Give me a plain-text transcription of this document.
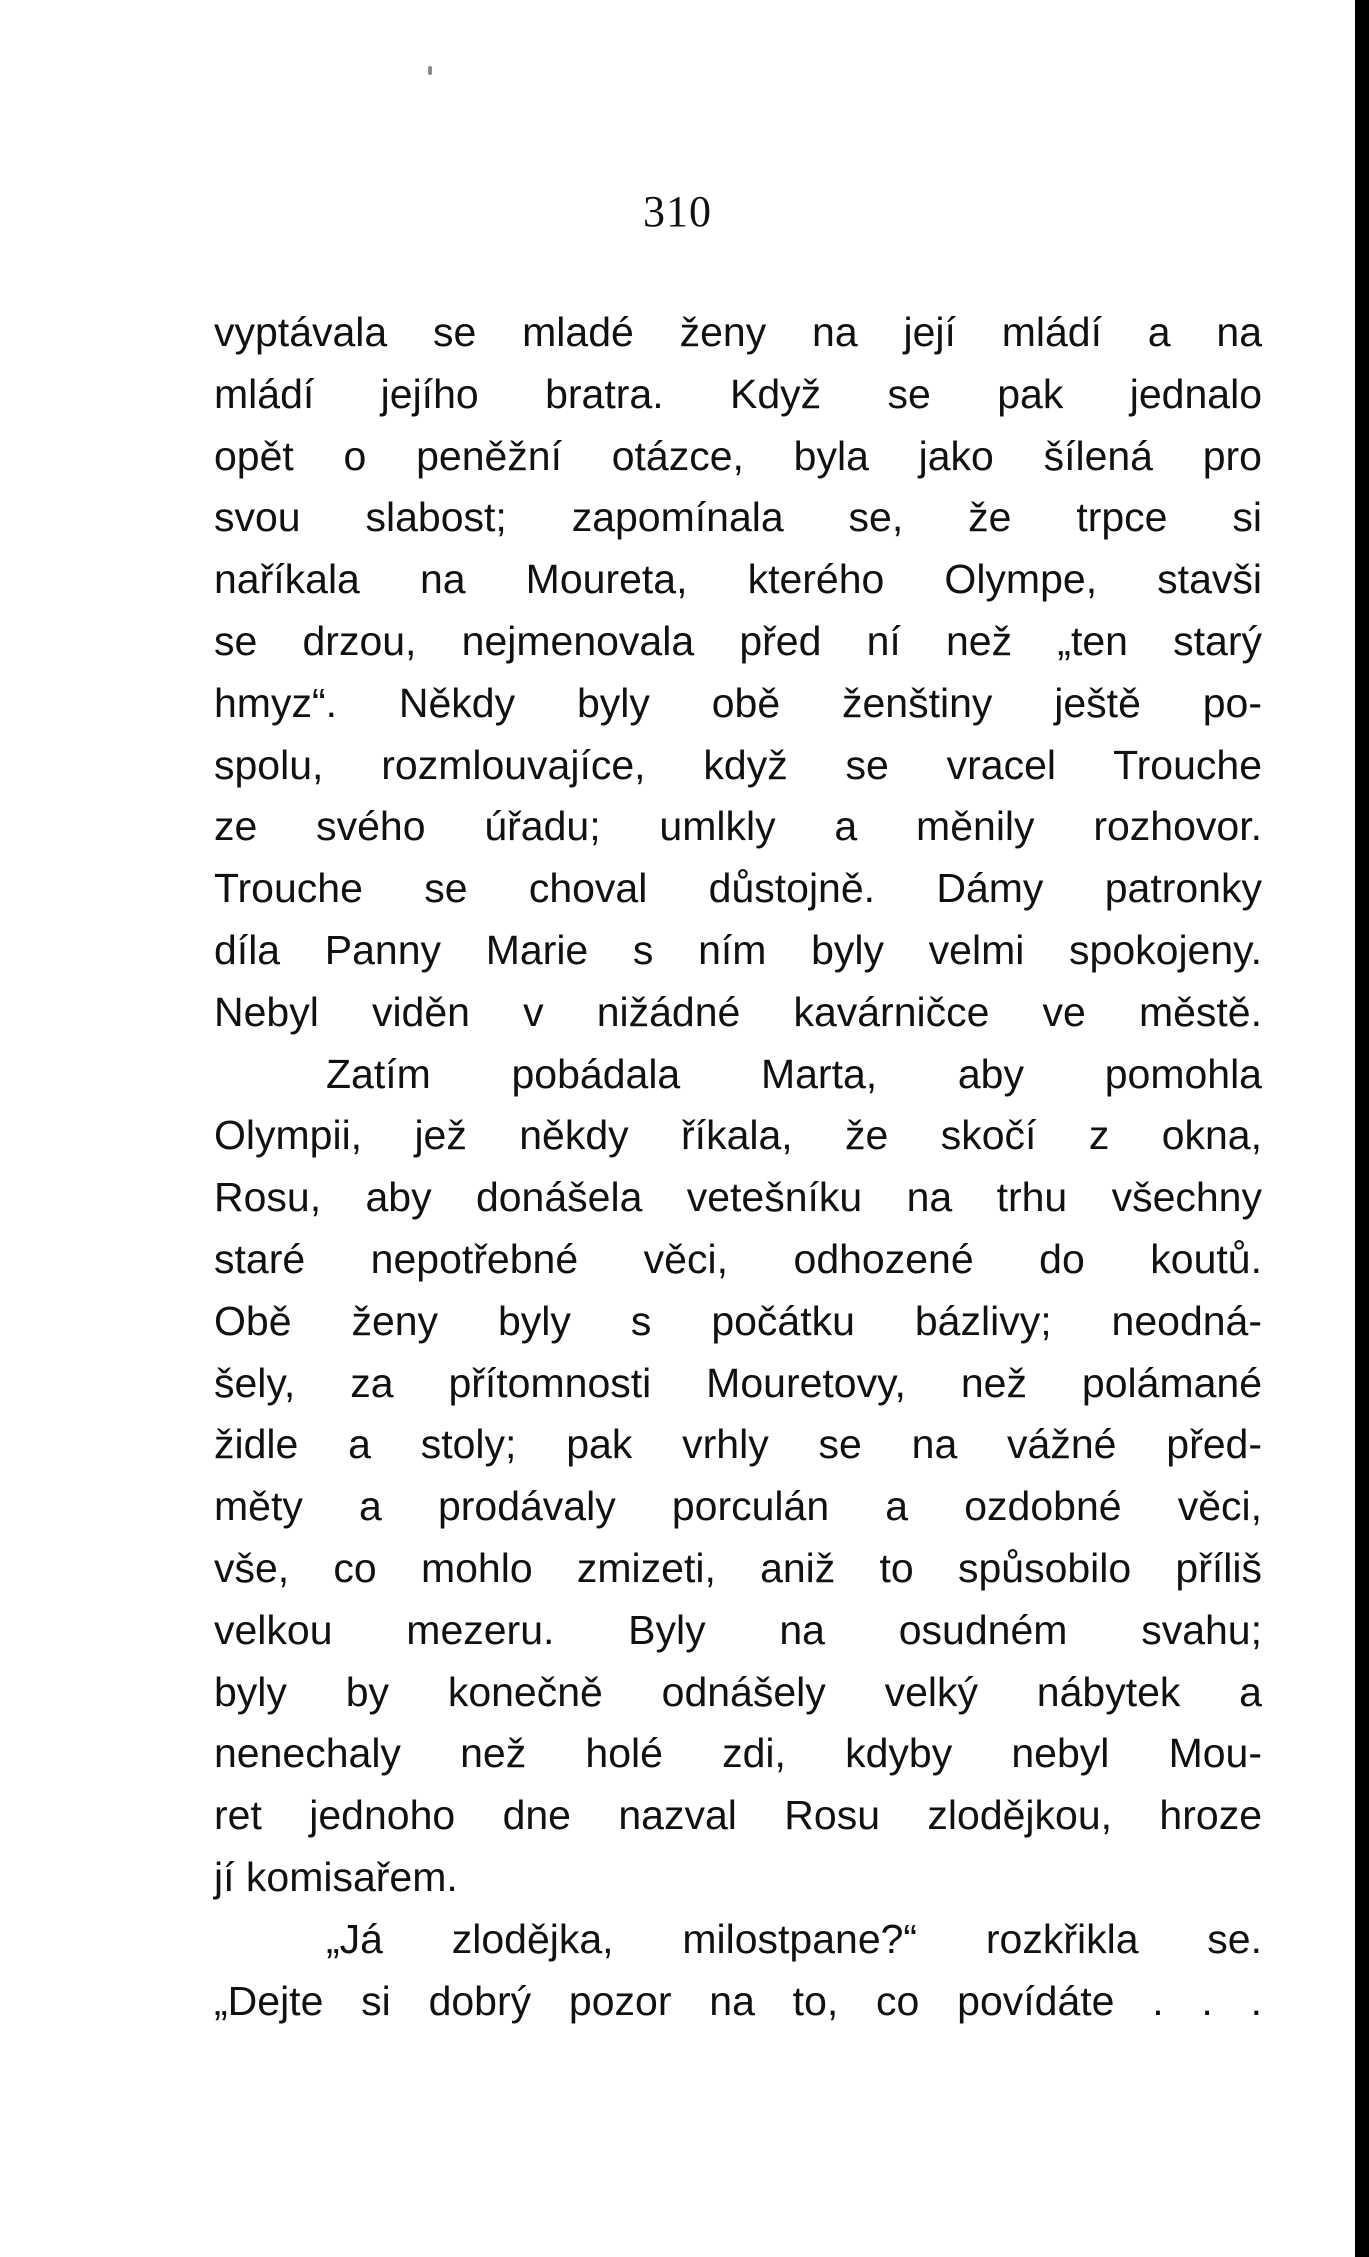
310
vyptávala se mladé ženy na její mládí a na
mládí jejího bratra. Když se pak jednalo
opět o peněžní otázce, byla jako šílená pro
svou slabost; zapomínala se, že trpce si
naříkala na Moureta, kterého Olympe, stavši
se drzou, nejmenovala před ní než „ten starý
hmyz“. Někdy byly obě ženštiny ještě po-
spolu, rozmlouvajíce, když se vracel Trouche
ze svého úřadu; umlkly a měnily rozhovor.
Trouche se choval důstojně. Dámy patronky
díla Panny Marie s ním byly velmi spokojeny.
Nebyl viděn v nižádné kavárničce ve městě.
Zatím pobádala Marta, aby pomohla
Olympii, jež někdy říkala, že skočí z okna,
Rosu, aby donášela vetešníku na trhu všechny
staré nepotřebné věci, odhozené do koutů.
Obě ženy byly s počátku bázlivy; neodná-
šely, za přítomnosti Mouretovy, než polámané
židle a stoly; pak vrhly se na vážné před-
měty a prodávaly porculán a ozdobné věci,
vše, co mohlo zmizeti, aniž to spůsobilo příliš
velkou mezeru. Byly na osudném svahu;
byly by konečně odnášely velký nábytek a
nenechaly než holé zdi, kdyby nebyl Mou-
ret jednoho dne nazval Rosu zlodějkou, hroze
jí komisařem.
„Já zlodějka, milostpane?“ rozkřikla se.
„Dejte si dobrý pozor na to, co povídáte . . .
